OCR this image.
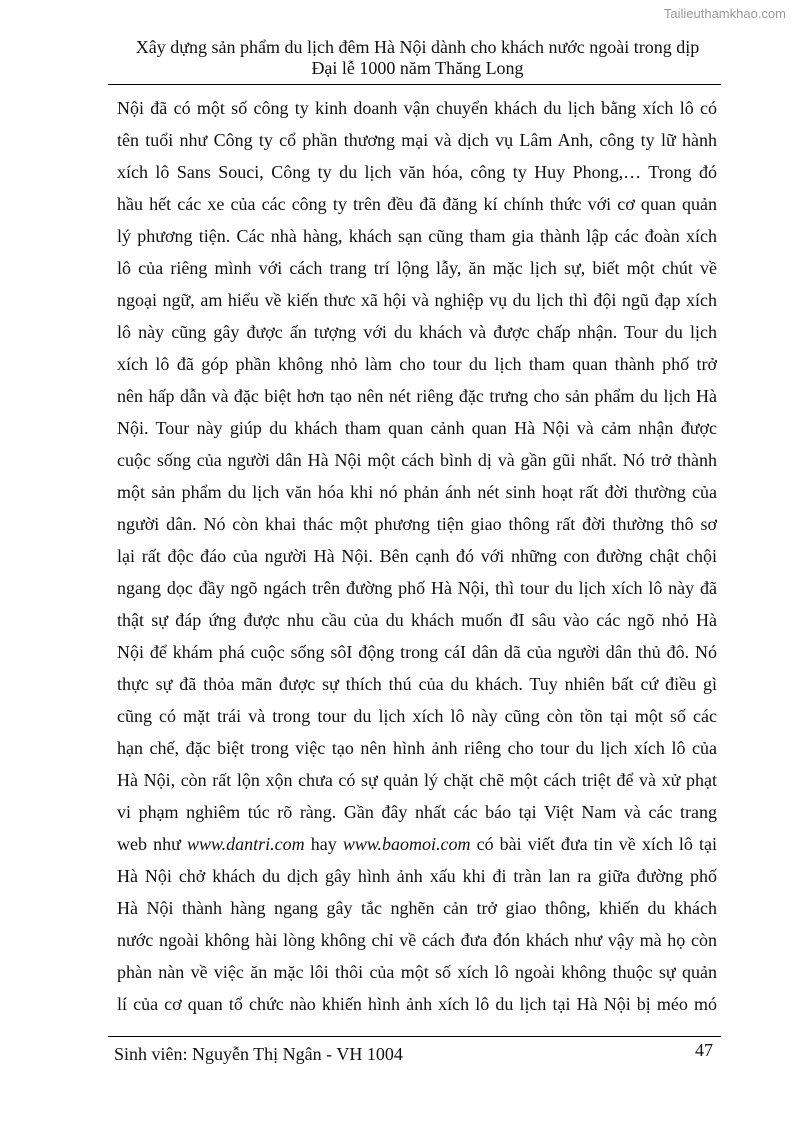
Tailieuthamkhao.com
Xây dựng sản phẩm du lịch đêm Hà Nội dành cho khách nước ngoài trong dịp
Đại lễ 1000 năm Thăng Long
Nội đã có một số công ty kinh doanh vận chuyển khách du lịch bằng xích lô có
tên tuổi như Công ty cổ phần thương mại và dịch vụ Lâm Anh, công ty lữ hành
xích lô Sans Souci, Công ty du lịch văn hóa, công ty Huy Phong,… Trong đó
hầu hết các xe của các công ty trên đều đã đăng kí chính thức với cơ quan quản
lý phương tiện. Các nhà hàng, khách sạn cũng tham gia thành lập các đoàn xích
lô của riêng mình với cách trang trí lộng lẫy, ăn mặc lịch sự, biết một chút về
ngoại ngữ, am hiểu về kiến thưc xã hội và nghiệp vụ du lịch thì đội ngũ đạp xích
lô này cũng gây được ấn tượng với du khách và được chấp nhận. Tour du lịch
xích lô đã góp phần không nhỏ làm cho tour du lịch tham quan thành phố trở
nên hấp dẫn và đặc biệt hơn tạo nên nét riêng đặc trưng cho sản phẩm du lịch Hà
Nội. Tour này giúp du khách tham quan cảnh quan Hà Nội và cảm nhận được
cuộc sống của người dân Hà Nội một cách bình dị và gần gũi nhất. Nó trở thành
một sản phẩm du lịch văn hóa khi nó phản ánh nét sinh hoạt rất đời thường của
người dân. Nó còn khai thác một phương tiện giao thông rất đời thường thô sơ
lại rất độc đáo của người Hà Nội. Bên cạnh đó với những con đường chật chội
ngang dọc đầy ngõ ngách trên đường phố Hà Nội, thì tour du lịch xích lô này đã
thật sự đáp ứng được nhu cầu của du khách muốn đI sâu vào các ngõ nhỏ Hà
Nội để khám phá cuộc sống sôI động trong cáI dân dã của người dân thủ đô. Nó
thực sự đã thỏa mãn được sự thích thú của du khách. Tuy nhiên bất cứ điều gì
cũng có mặt trái và trong tour du lịch xích lô này cũng còn tồn tại một số các
hạn chế, đặc biệt trong việc tạo nên hình ảnh riêng cho tour du lịch xích lô của
Hà Nội, còn rất lộn xộn chưa có sự quản lý chặt chẽ một cách triệt để và xử phạt
vi phạm nghiêm túc rõ ràng. Gần đây nhất các báo tại Việt Nam và các trang
web như www.dantri.com hay www.baomoi.com có bài viết đưa tin về xích lô tại
Hà Nội chở khách du dịch gây hình ảnh xấu khi đi tràn lan ra giữa đường phố
Hà Nội thành hàng ngang gây tắc nghẽn cản trở giao thông, khiến du khách
nước ngoài không hài lòng không chỉ về cách đưa đón khách như vậy mà họ còn
phàn nàn về việc ăn mặc lôi thôi của một số xích lô ngoài không thuộc sự quản
lí của cơ quan tổ chức nào khiến hình ảnh xích lô du lịch tại Hà Nội bị méo mó
Sinh viên: Nguyễn Thị Ngân - VH 1004	47
